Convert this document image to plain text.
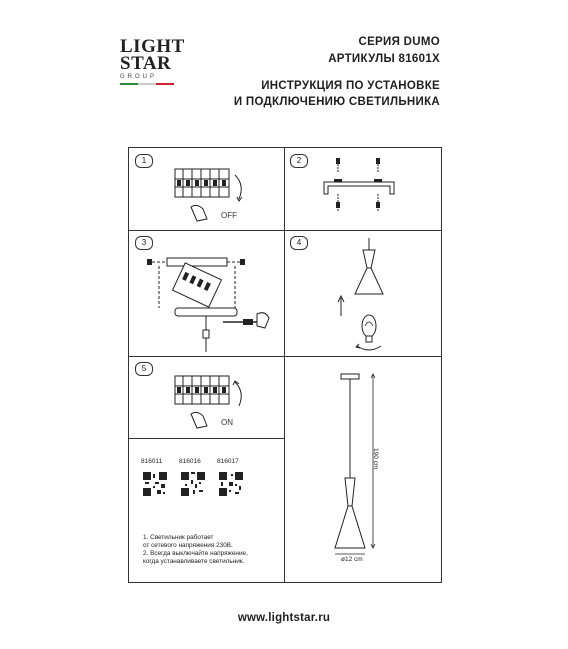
LIGHT
STAR
GROUP
СЕРИЯ DUMO
АРТИКУЛЫ 81601X
ИНСТРУКЦИЯ ПО УСТАНОВКЕ
И ПОДКЛЮЧЕНИЮ СВЕТИЛЬНИКА
1	2
3	4
5
OFF
ON
816011	816016	816017
1. Светильник работает
от сетевого напряжения 230В.
2. Всегда выключайте напряжение,
когда устанавливаете светильник.
190 cm
ø12 cm
www.lightstar.ru
